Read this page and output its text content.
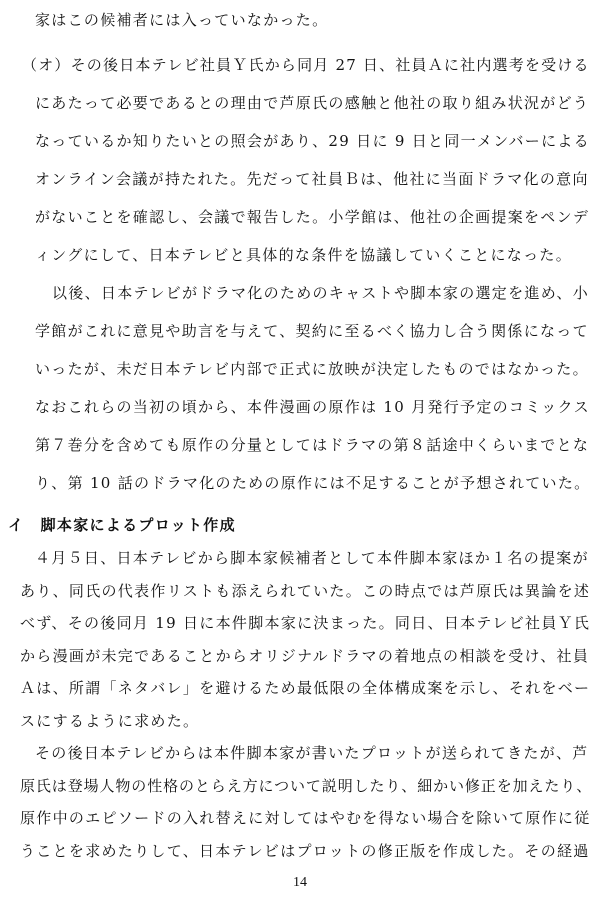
家はこの候補者には入っていなかった。
（オ）その後日本テレビ社員Ｙ氏から同月 27 日、社員Ａに社内選考を受ける
にあたって必要であるとの理由で芦原氏の感触と他社の取り組み状況がどう
なっているか知りたいとの照会があり、29 日に 9 日と同一メンバーによる
オンライン会議が持たれた。先だって社員Ｂは、他社に当面ドラマ化の意向
がないことを確認し、会議で報告した。小学館は、他社の企画提案をペンデ
ィングにして、日本テレビと具体的な条件を協議していくことになった。
以後、日本テレビがドラマ化のためのキャストや脚本家の選定を進め、小
学館がこれに意見や助言を与えて、契約に至るべく協力し合う関係になって
いったが、未だ日本テレビ内部で正式に放映が決定したものではなかった。
なおこれらの当初の頃から、本件漫画の原作は 10 月発行予定のコミックス
第７巻分を含めても原作の分量としてはドラマの第８話途中くらいまでとな
り、第 10 話のドラマ化のための原作には不足することが予想されていた。
イ　脚本家によるプロット作成
４月５日、日本テレビから脚本家候補者として本件脚本家ほか１名の提案が
あり、同氏の代表作リストも添えられていた。この時点では芦原氏は異論を述
べず、その後同月 19 日に本件脚本家に決まった。同日、日本テレビ社員Ｙ氏
から漫画が未完であることからオリジナルドラマの着地点の相談を受け、社員
Ａは、所謂「ネタバレ」を避けるため最低限の全体構成案を示し、それをベー
スにするように求めた。
その後日本テレビからは本件脚本家が書いたプロットが送られてきたが、芦
原氏は登場人物の性格のとらえ方について説明したり、細かい修正を加えたり、
原作中のエピソードの入れ替えに対してはやむを得ない場合を除いて原作に従
うことを求めたりして、日本テレビはプロットの修正版を作成した。その経過
14
